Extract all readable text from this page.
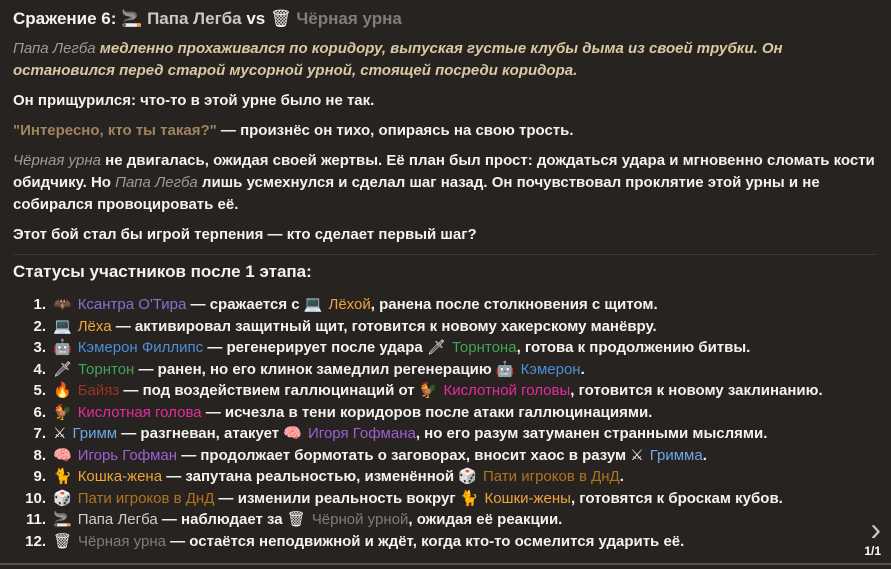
Сражение 6: 🚬 Папа Легба vs 🗑 Чёрная урна

Папа Легба медленно прохаживался по коридору, выпуская густые клубы дыма из своей трубки. Он остановился перед старой мусорной урной, стоящей посреди коридора.

Он прищурился: что-то в этой урне было не так.

"Интересно, кто ты такая?" — произнёс он тихо, опираясь на свою трость.

Чёрная урна не двигалась, ожидая своей жертвы. Её план был прост: дождаться удара и мгновенно сломать кости обидчику. Но Папа Легба лишь усмехнулся и сделал шаг назад. Он почувствовал проклятие этой урны и не собирался провоцировать её.

Этот бой стал бы игрой терпения — кто сделает первый шаг?

Статусы участников после 1 этапа:
1. 🦇 Ксантра О'Тира — сражается с 💻 Лёхой, ранена после столкновения с щитом.
2. 💻 Лёха — активировал защитный щит, готовится к новому хакерскому манёвру.
3. 🤖 Кэмерон Филлипс — регенерирует после удара 🗡 Торнтона, готова к продолжению битвы.
4. 🗡 Торнтон — ранен, но его клинок замедлил регенерацию 🤖 Кэмерон.
5. 🔥 Байяз — под воздействием галлюцинаций от 🐓 Кислотной головы, готовится к новому заклинанию.
6. 🐓 Кислотная голова — исчезла в тени коридоров после атаки галлюцинациями.
7. ⚔ Гримм — разгневан, атакует 🧠 Игоря Гофмана, но его разум затуманен странными мыслями.
8. 🧠 Игорь Гофман — продолжает бормотать о заговорах, вносит хаос в разум ⚔ Гримма.
9. 🐈 Кошка-жена — запутана реальностью, изменённой 🎲 Пати игроков в ДнД.
10. 🎲 Пати игроков в ДнД — изменили реальность вокруг 🐈 Кошки-жены, готовятся к броскам кубов.
11. 🚬 Папа Легба — наблюдает за 🗑 Чёрной урной, ожидая её реакции.
12. 🗑 Чёрная урна — остаётся неподвижной и ждёт, когда кто-то осмелится ударить её.	›
1/1
